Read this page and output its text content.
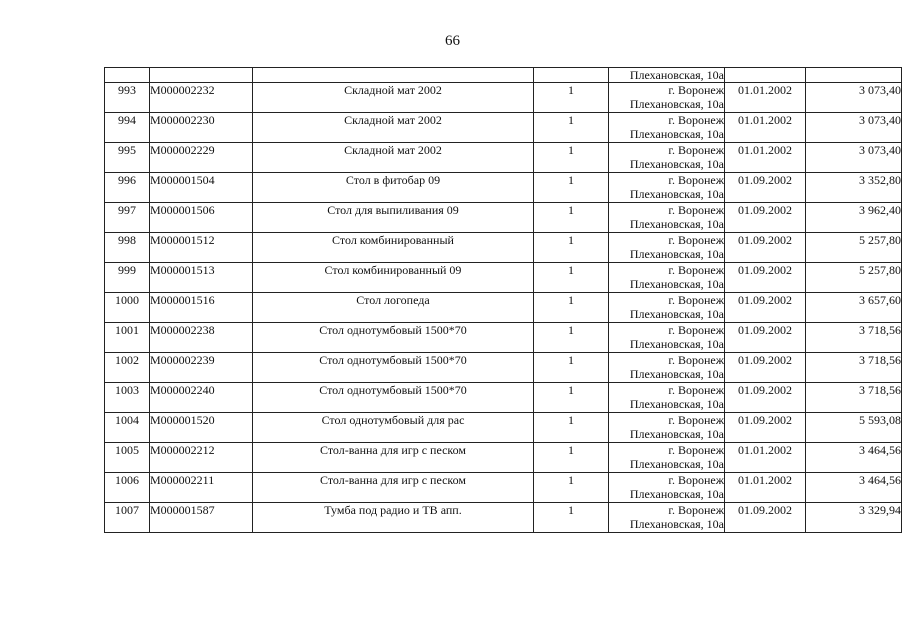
66
				Плехановская, 10а		
993	М000002232	Складной мат 2002	1	г. Воронеж
Плехановская, 10а	01.01.2002	3 073,40
994	М000002230	Складной мат 2002	1	г. Воронеж
Плехановская, 10а	01.01.2002	3 073,40
995	М000002229	Складной мат 2002	1	г. Воронеж
Плехановская, 10а	01.01.2002	3 073,40
996	М000001504	Стол в фитобар 09	1	г. Воронеж
Плехановская, 10а	01.09.2002	3 352,80
997	М000001506	Стол для выпиливания 09	1	г. Воронеж
Плехановская, 10а	01.09.2002	3 962,40
998	М000001512	Стол комбинированный	1	г. Воронеж
Плехановская, 10а	01.09.2002	5 257,80
999	М000001513	Стол комбинированный 09	1	г. Воронеж
Плехановская, 10а	01.09.2002	5 257,80
1000	М000001516	Стол логопеда	1	г. Воронеж
Плехановская, 10а	01.09.2002	3 657,60
1001	М000002238	Стол однотумбовый 1500*70	1	г. Воронеж
Плехановская, 10а	01.09.2002	3 718,56
1002	М000002239	Стол однотумбовый 1500*70	1	г. Воронеж
Плехановская, 10а	01.09.2002	3 718,56
1003	М000002240	Стол однотумбовый 1500*70	1	г. Воронеж
Плехановская, 10а	01.09.2002	3 718,56
1004	М000001520	Стол однотумбовый для рас	1	г. Воронеж
Плехановская, 10а	01.09.2002	5 593,08
1005	М000002212	Стол-ванна для игр с песком	1	г. Воронеж
Плехановская, 10а	01.01.2002	3 464,56
1006	М000002211	Стол-ванна для игр с песком	1	г. Воронеж
Плехановская, 10а	01.01.2002	3 464,56
1007	М000001587	Тумба под радио и ТВ апп.	1	г. Воронеж
Плехановская, 10а	01.09.2002	3 329,94
